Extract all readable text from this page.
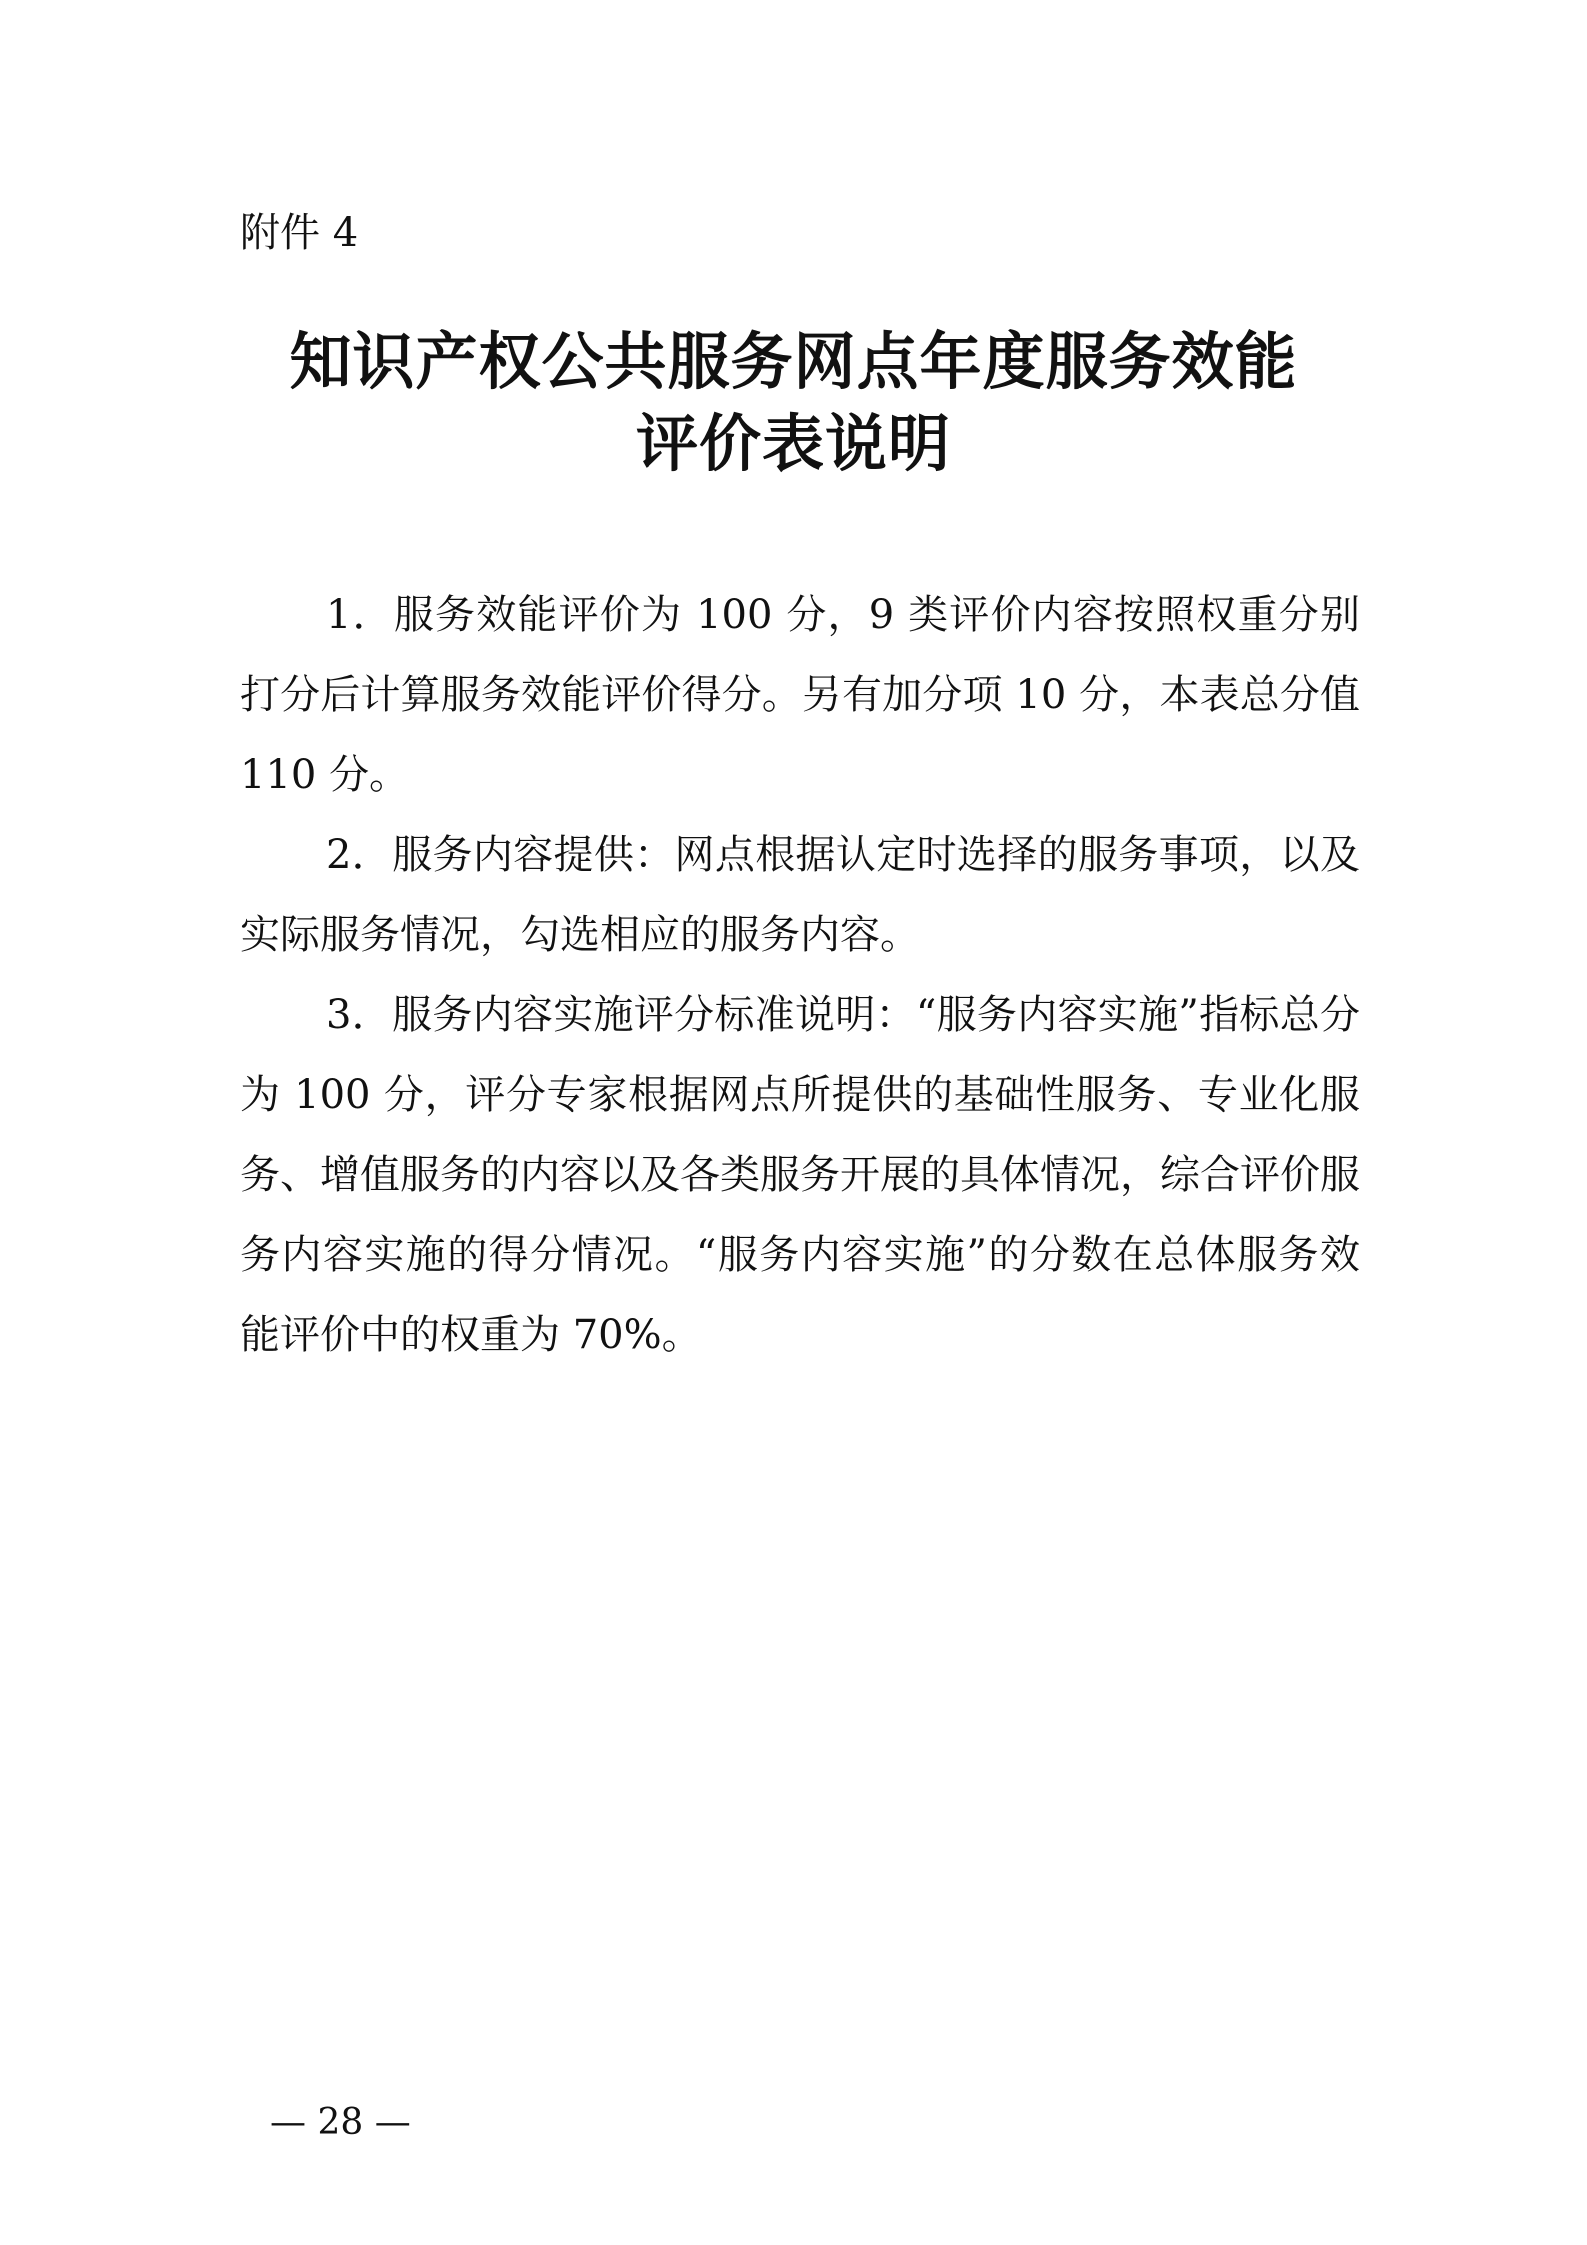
附件 4
知识产权公共服务网点年度服务效能
评价表说明

1．服务效能评价为 100 分，9 类评价内容按照权重分别打分后计算服务效能评价得分。另有加分项 10 分，本表总分值 110 分。

2．服务内容提供：网点根据认定时选择的服务事项，以及实际服务情况，勾选相应的服务内容。

3．服务内容实施评分标准说明：“服务内容实施”指标总分为 100 分，评分专家根据网点所提供的基础性服务、专业化服务、增值服务的内容以及各类服务开展的具体情况，综合评价服务内容实施的得分情况。“服务内容实施”的分数在总体服务效能评价中的权重为 70%。

— 28 —
